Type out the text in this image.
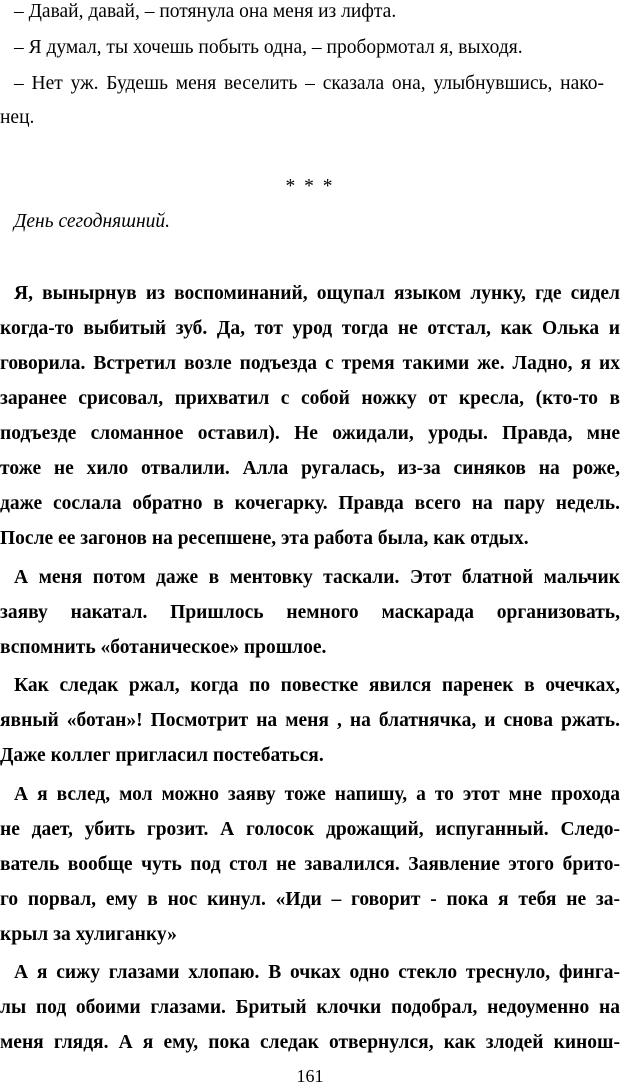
– Давай, давай, – потянула она меня из лифта.

– Я думал, ты хочешь побыть одна, – пробормотал я, выходя.

– Нет уж. Будешь меня веселить – сказала она, улыбнувшись, нако-

нец.

* * *

День сегодняшний.

Я, вынырнув из воспоминаний, ощупал языком лунку, где сидел

когда-то выбитый зуб. Да, тот урод тогда не отстал, как Олька и

говорила. Встретил возле подъезда с тремя такими же. Ладно, я их

заранее срисовал, прихватил с собой ножку от кресла, (кто-то в

подъезде сломанное оставил). Не ожидали, уроды. Правда, мне

тоже не хило отвалили. Алла ругалась, из-за синяков на роже,

даже сослала обратно в кочегарку. Правда всего на пару недель.

После ее загонов на ресепшене, эта работа была, как отдых.

А меня потом даже в ментовку таскали. Этот блатной мальчик

заяву накатал. Пришлось немного маскарада организовать,

вспомнить «ботаническое» прошлое.

Как следак ржал, когда по повестке явился паренек в очечках,

явный «ботан»! Посмотрит на меня , на блатнячка, и снова ржать.

Даже коллег пригласил постебаться.

А я вслед, мол можно заяву тоже напишу, а то этот мне прохода

не дает, убить грозит. А голосок дрожащий, испуганный. Следо-

ватель вообще чуть под стол не завалился. Заявление этого брито-

го порвал, ему в нос кинул. «Иди – говорит - пока я тебя не за-

крыл за хулиганку»

А я сижу глазами хлопаю. В очках одно стекло треснуло, финга-

лы под обоими глазами. Бритый клочки подобрал, недоуменно на

меня глядя. А я ему, пока следак отвернулся, как злодей кинош-

161
